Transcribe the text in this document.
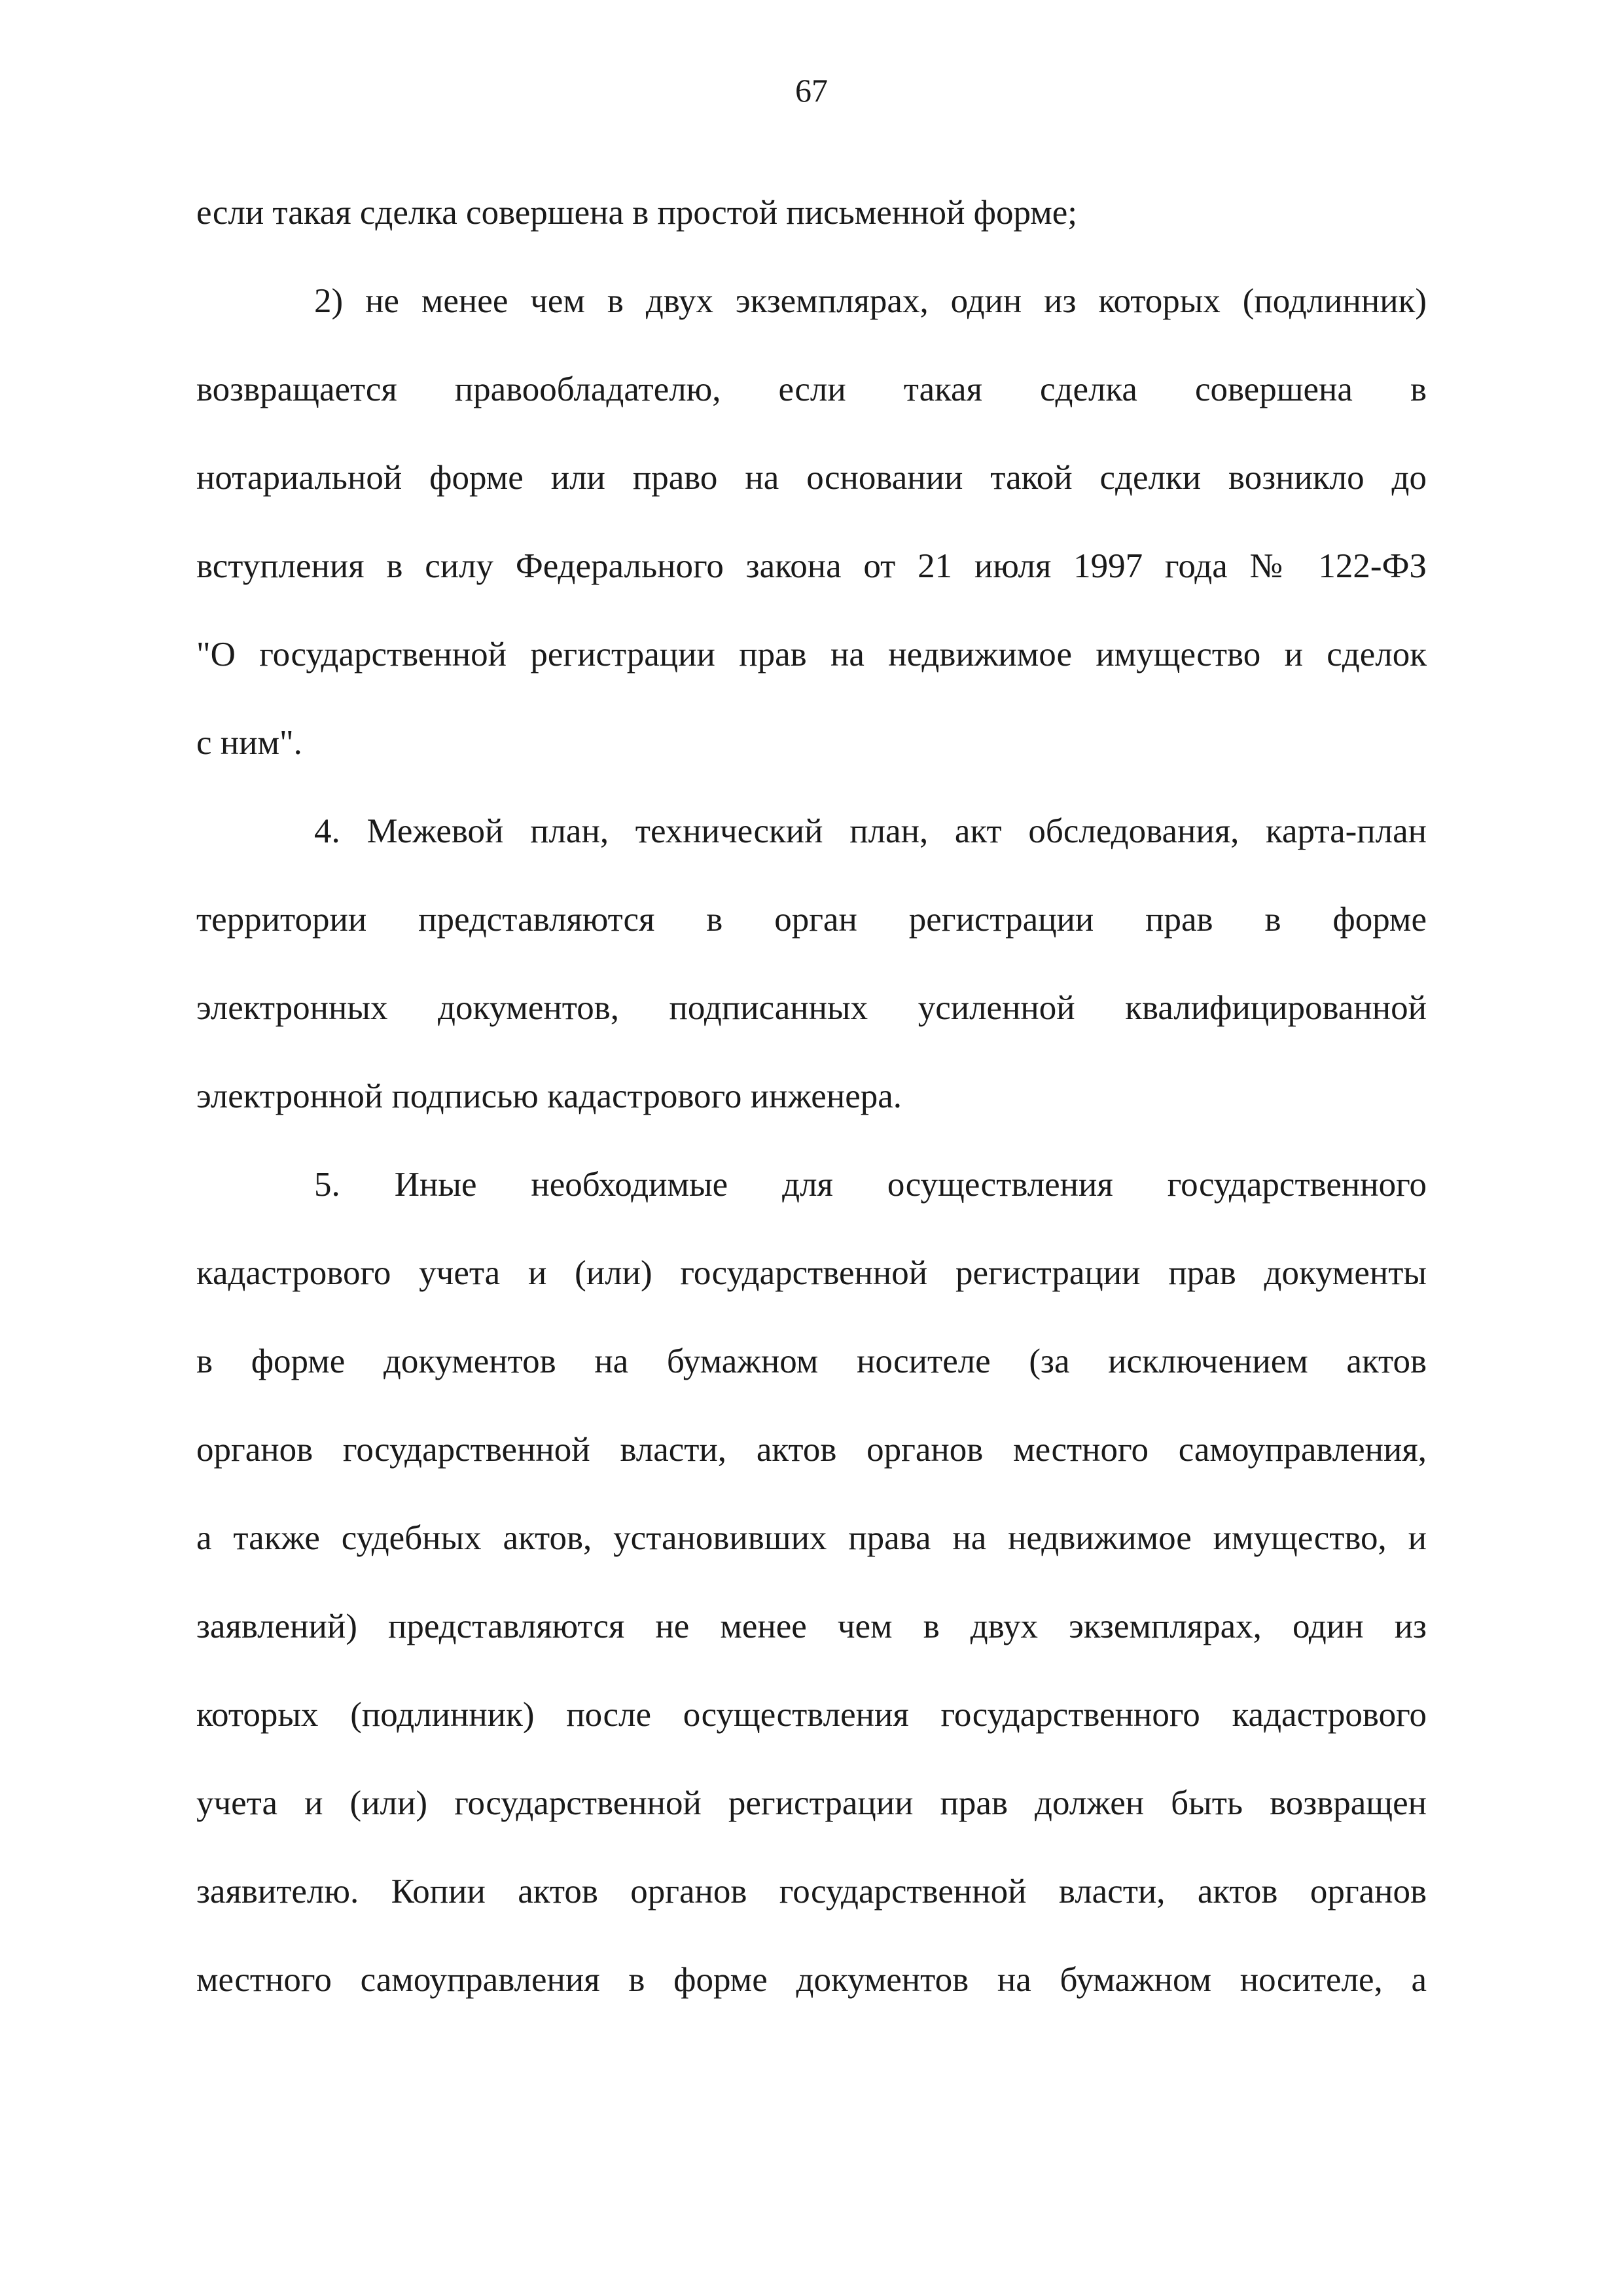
67
если такая сделка совершена в простой письменной форме;
2) не менее чем в двух экземплярах, один из которых (подлинник)
возвращается правообладателю, если такая сделка совершена в
нотариальной форме или право на основании такой сделки возникло до
вступления в силу Федерального закона от 21 июля 1997 года № 122-ФЗ
"О государственной регистрации прав на недвижимое имущество и сделок
с ним".
4. Межевой план, технический план, акт обследования, карта-план
территории представляются в орган регистрации прав в форме
электронных документов, подписанных усиленной квалифицированной
электронной подписью кадастрового инженера.
5. Иные необходимые для осуществления государственного
кадастрового учета и (или) государственной регистрации прав документы
в форме документов на бумажном носителе (за исключением актов
органов государственной власти, актов органов местного самоуправления,
а также судебных актов, установивших права на недвижимое имущество, и
заявлений) представляются не менее чем в двух экземплярах, один из
которых (подлинник) после осуществления государственного кадастрового
учета и (или) государственной регистрации прав должен быть возвращен
заявителю. Копии актов органов государственной власти, актов органов
местного самоуправления в форме документов на бумажном носителе, а
